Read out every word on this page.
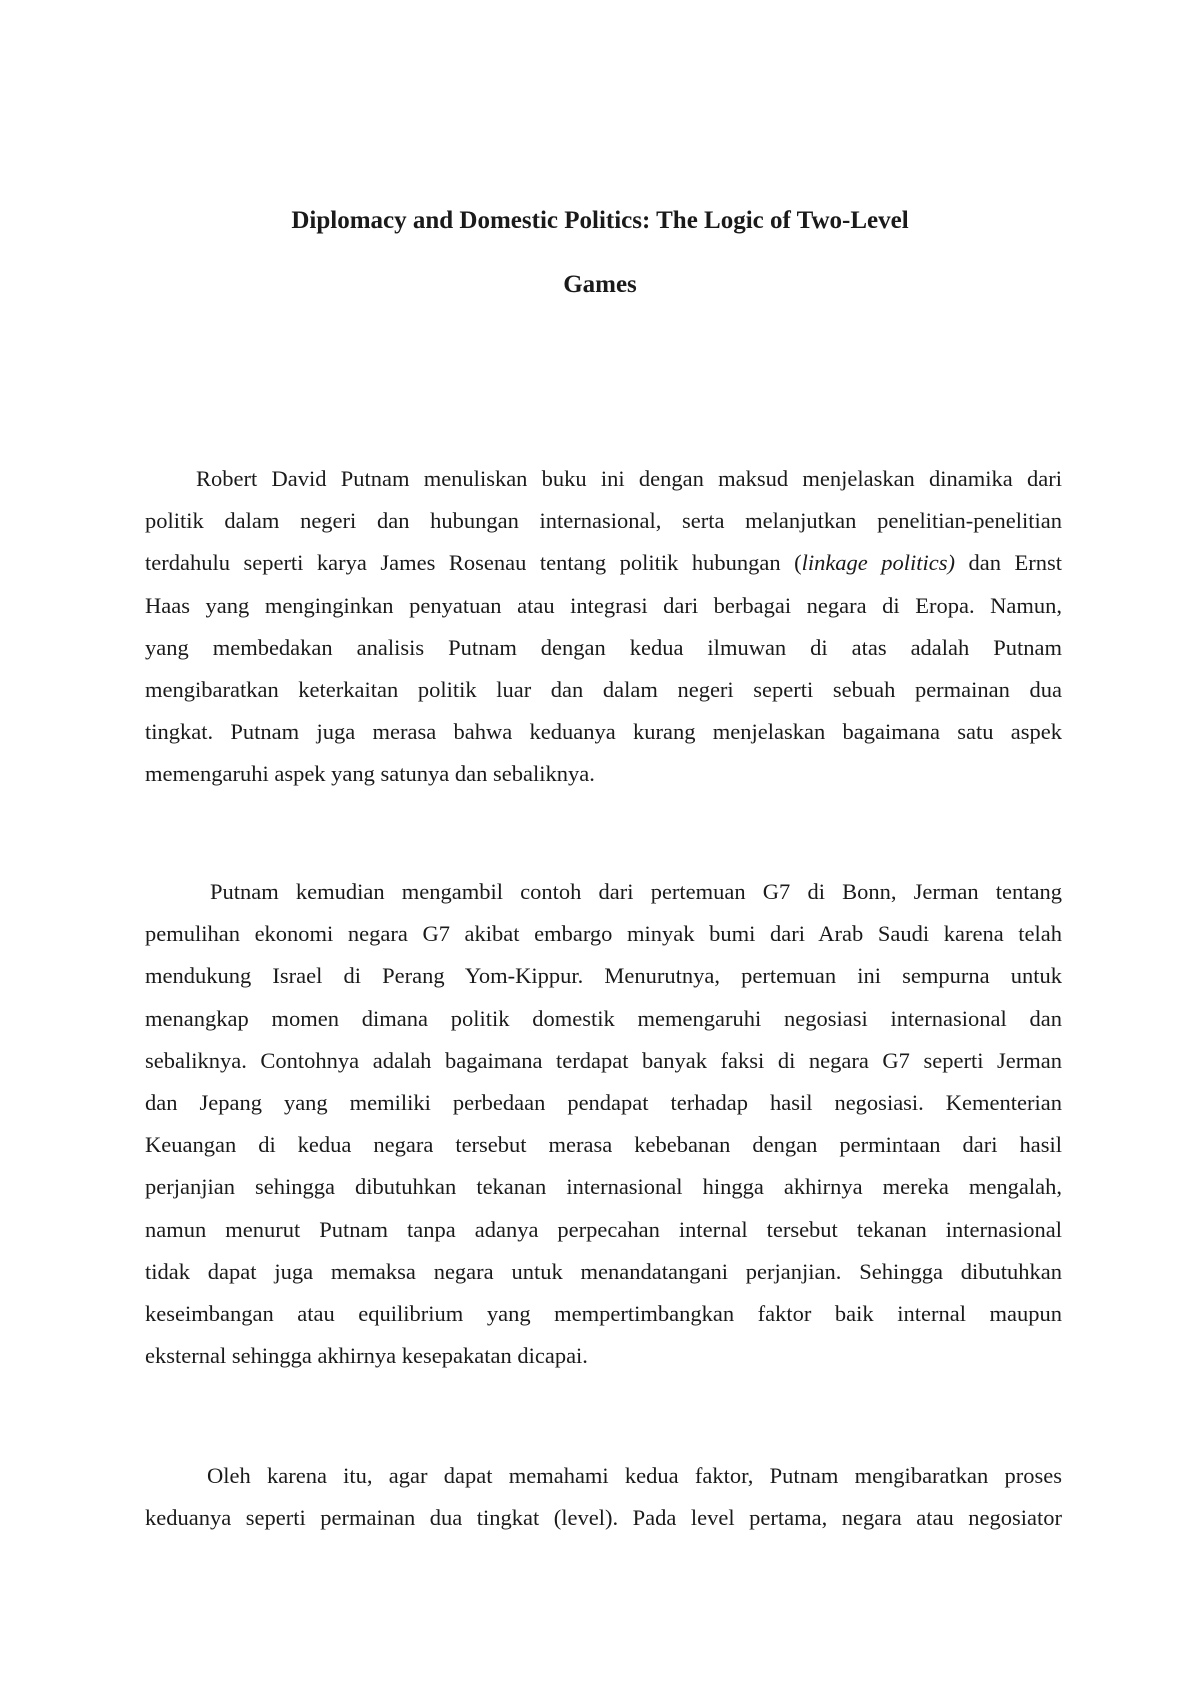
Diplomacy and Domestic Politics: The Logic of Two-Level
Games
Robert David Putnam menuliskan buku ini dengan maksud menjelaskan dinamika dari
politik dalam negeri dan hubungan internasional, serta melanjutkan penelitian-penelitian
terdahulu seperti karya James Rosenau tentang politik hubungan (linkage politics) dan Ernst
Haas yang menginginkan penyatuan atau integrasi dari berbagai negara di Eropa. Namun,
yang membedakan analisis Putnam dengan kedua ilmuwan di atas adalah Putnam
mengibaratkan keterkaitan politik luar dan dalam negeri seperti sebuah permainan dua
tingkat. Putnam juga merasa bahwa keduanya kurang menjelaskan bagaimana satu aspek
memengaruhi aspek yang satunya dan sebaliknya.
Putnam kemudian mengambil contoh dari pertemuan G7 di Bonn, Jerman tentang
pemulihan ekonomi negara G7 akibat embargo minyak bumi dari Arab Saudi karena telah
mendukung Israel di Perang Yom-Kippur. Menurutnya, pertemuan ini sempurna untuk
menangkap momen dimana politik domestik memengaruhi negosiasi internasional dan
sebaliknya. Contohnya adalah bagaimana terdapat banyak faksi di negara G7 seperti Jerman
dan Jepang yang memiliki perbedaan pendapat terhadap hasil negosiasi. Kementerian
Keuangan di kedua negara tersebut merasa kebebanan dengan permintaan dari hasil
perjanjian sehingga dibutuhkan tekanan internasional hingga akhirnya mereka mengalah,
namun menurut Putnam tanpa adanya perpecahan internal tersebut tekanan internasional
tidak dapat juga memaksa negara untuk menandatangani perjanjian. Sehingga dibutuhkan
keseimbangan atau equilibrium yang mempertimbangkan faktor baik internal maupun
eksternal sehingga akhirnya kesepakatan dicapai.
Oleh karena itu, agar dapat memahami kedua faktor, Putnam mengibaratkan proses
keduanya seperti permainan dua tingkat (level). Pada level pertama, negara atau negosiator
